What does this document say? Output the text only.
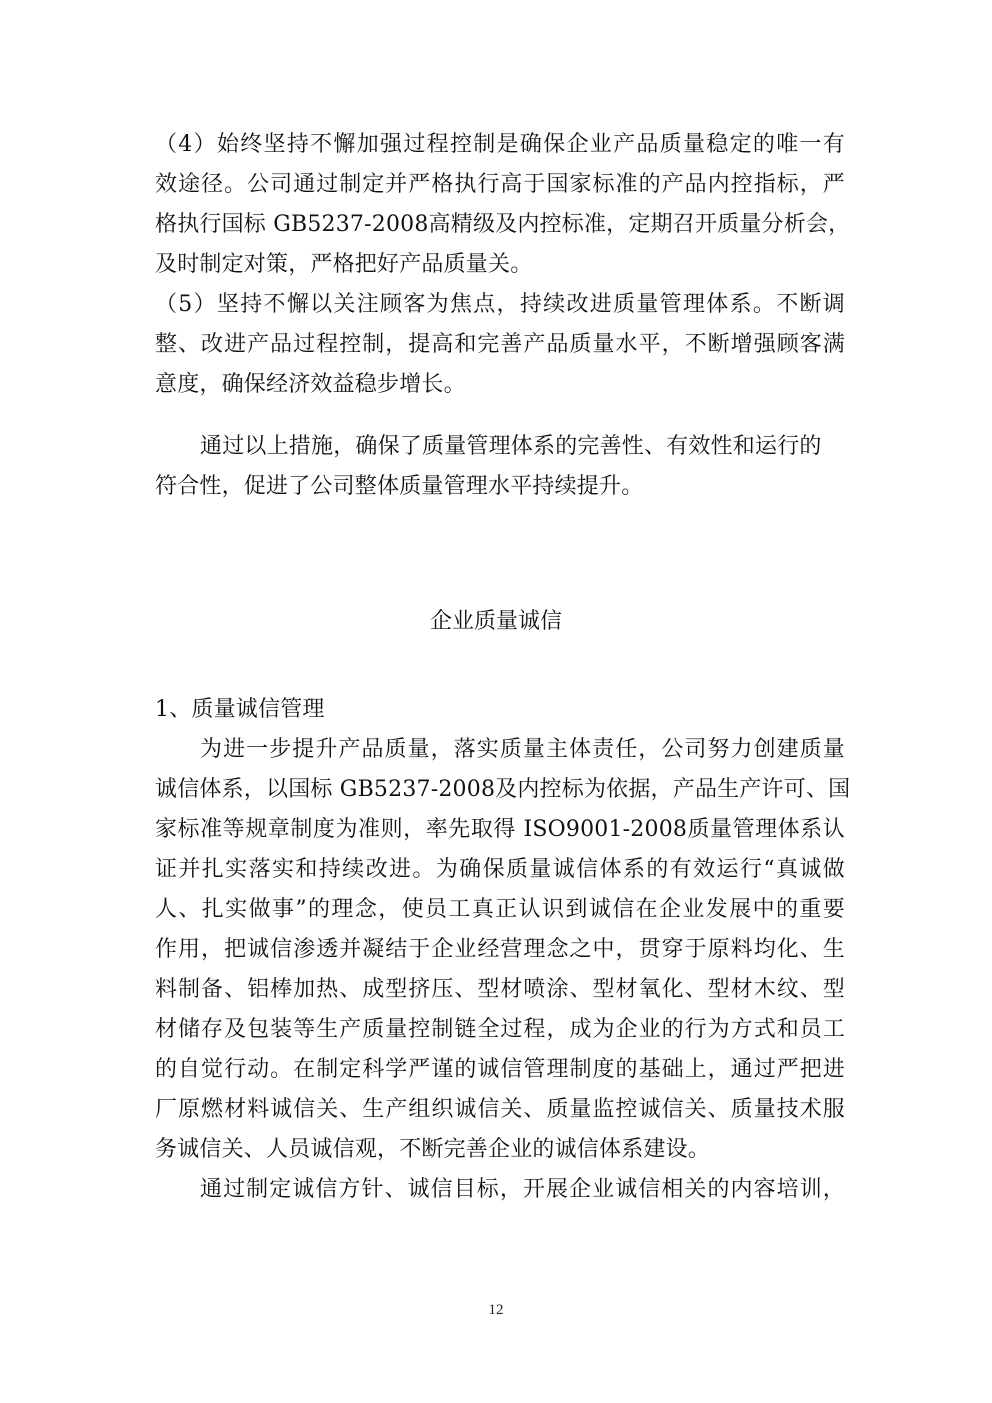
（4）始终坚持不懈加强过程控制是确保企业产品质量稳定的唯一有
效途径。公司通过制定并严格执行高于国家标准的产品内控指标，严
格执行国标 GB5237-2008高精级及内控标准，定期召开质量分析会，
及时制定对策，严格把好产品质量关。
（5）坚持不懈以关注顾客为焦点，持续改进质量管理体系。不断调
整、改进产品过程控制，提高和完善产品质量水平，不断增强顾客满
意度，确保经济效益稳步增长。
通过以上措施，确保了质量管理体系的完善性、有效性和运行的
符合性，促进了公司整体质量管理水平持续提升。
企业质量诚信
1、质量诚信管理
为进一步提升产品质量，落实质量主体责任，公司努力创建质量
诚信体系，以国标 GB5237-2008及内控标为依据，产品生产许可、国
家标准等规章制度为准则，率先取得 ISO9001-2008质量管理体系认
证并扎实落实和持续改进。为确保质量诚信体系的有效运行“真诚做
人、扎实做事”的理念，使员工真正认识到诚信在企业发展中的重要
作用，把诚信渗透并凝结于企业经营理念之中，贯穿于原料均化、生
料制备、铝棒加热、成型挤压、型材喷涂、型材氧化、型材木纹、型
材储存及包装等生产质量控制链全过程，成为企业的行为方式和员工
的自觉行动。在制定科学严谨的诚信管理制度的基础上，通过严把进
厂原燃材料诚信关、生产组织诚信关、质量监控诚信关、质量技术服
务诚信关、人员诚信观，不断完善企业的诚信体系建设。
通过制定诚信方针、诚信目标，开展企业诚信相关的内容培训，
12
